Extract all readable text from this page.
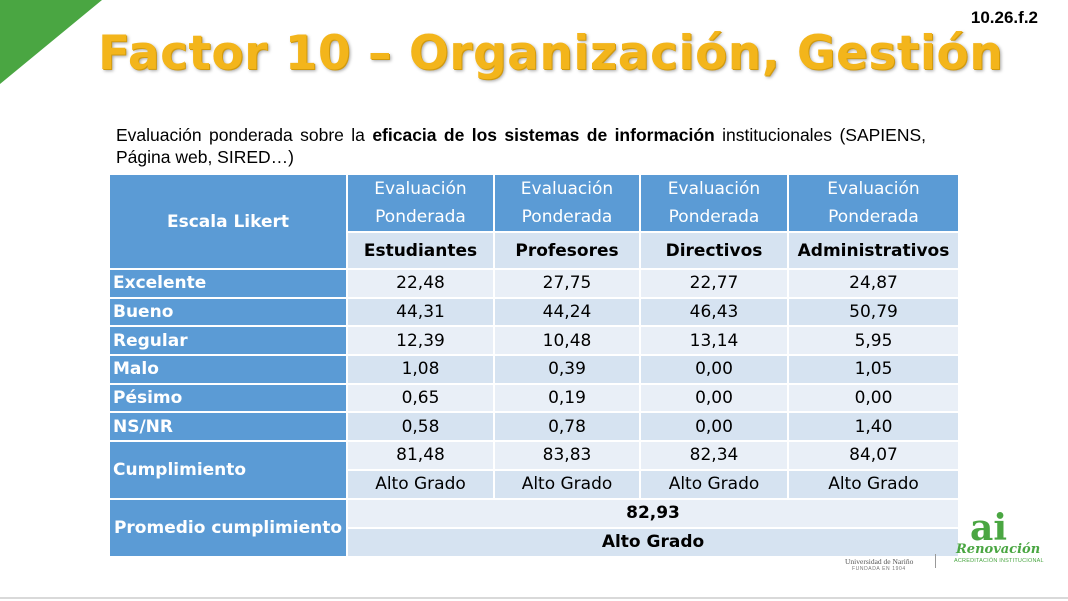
10.26.f.2
Factor 10 – Organización, Gestión
Evaluación ponderada sobre la eficacia de los sistemas de información institucionales (SAPIENS, Página web, SIRED…)
Escala Likert	Evaluación Ponderada	Evaluación Ponderada	Evaluación Ponderada	Evaluación Ponderada
	Estudiantes	Profesores	Directivos	Administrativos
Excelente	22,48	27,75	22,77	24,87
Bueno	44,31	44,24	46,43	50,79
Regular	12,39	10,48	13,14	5,95
Malo	1,08	0,39	0,00	1,05
Pésimo	0,65	0,19	0,00	0,00
NS/NR	0,58	0,78	0,00	1,40
Cumplimiento	81,48	83,83	82,34	84,07
	Alto Grado	Alto Grado	Alto Grado	Alto Grado
Promedio cumplimiento	82,93			
	Alto Grado			
Universidad de Nariño
FUNDADA EN 1904
ai
Renovación
ACREDITACIÓN INSTITUCIONAL
